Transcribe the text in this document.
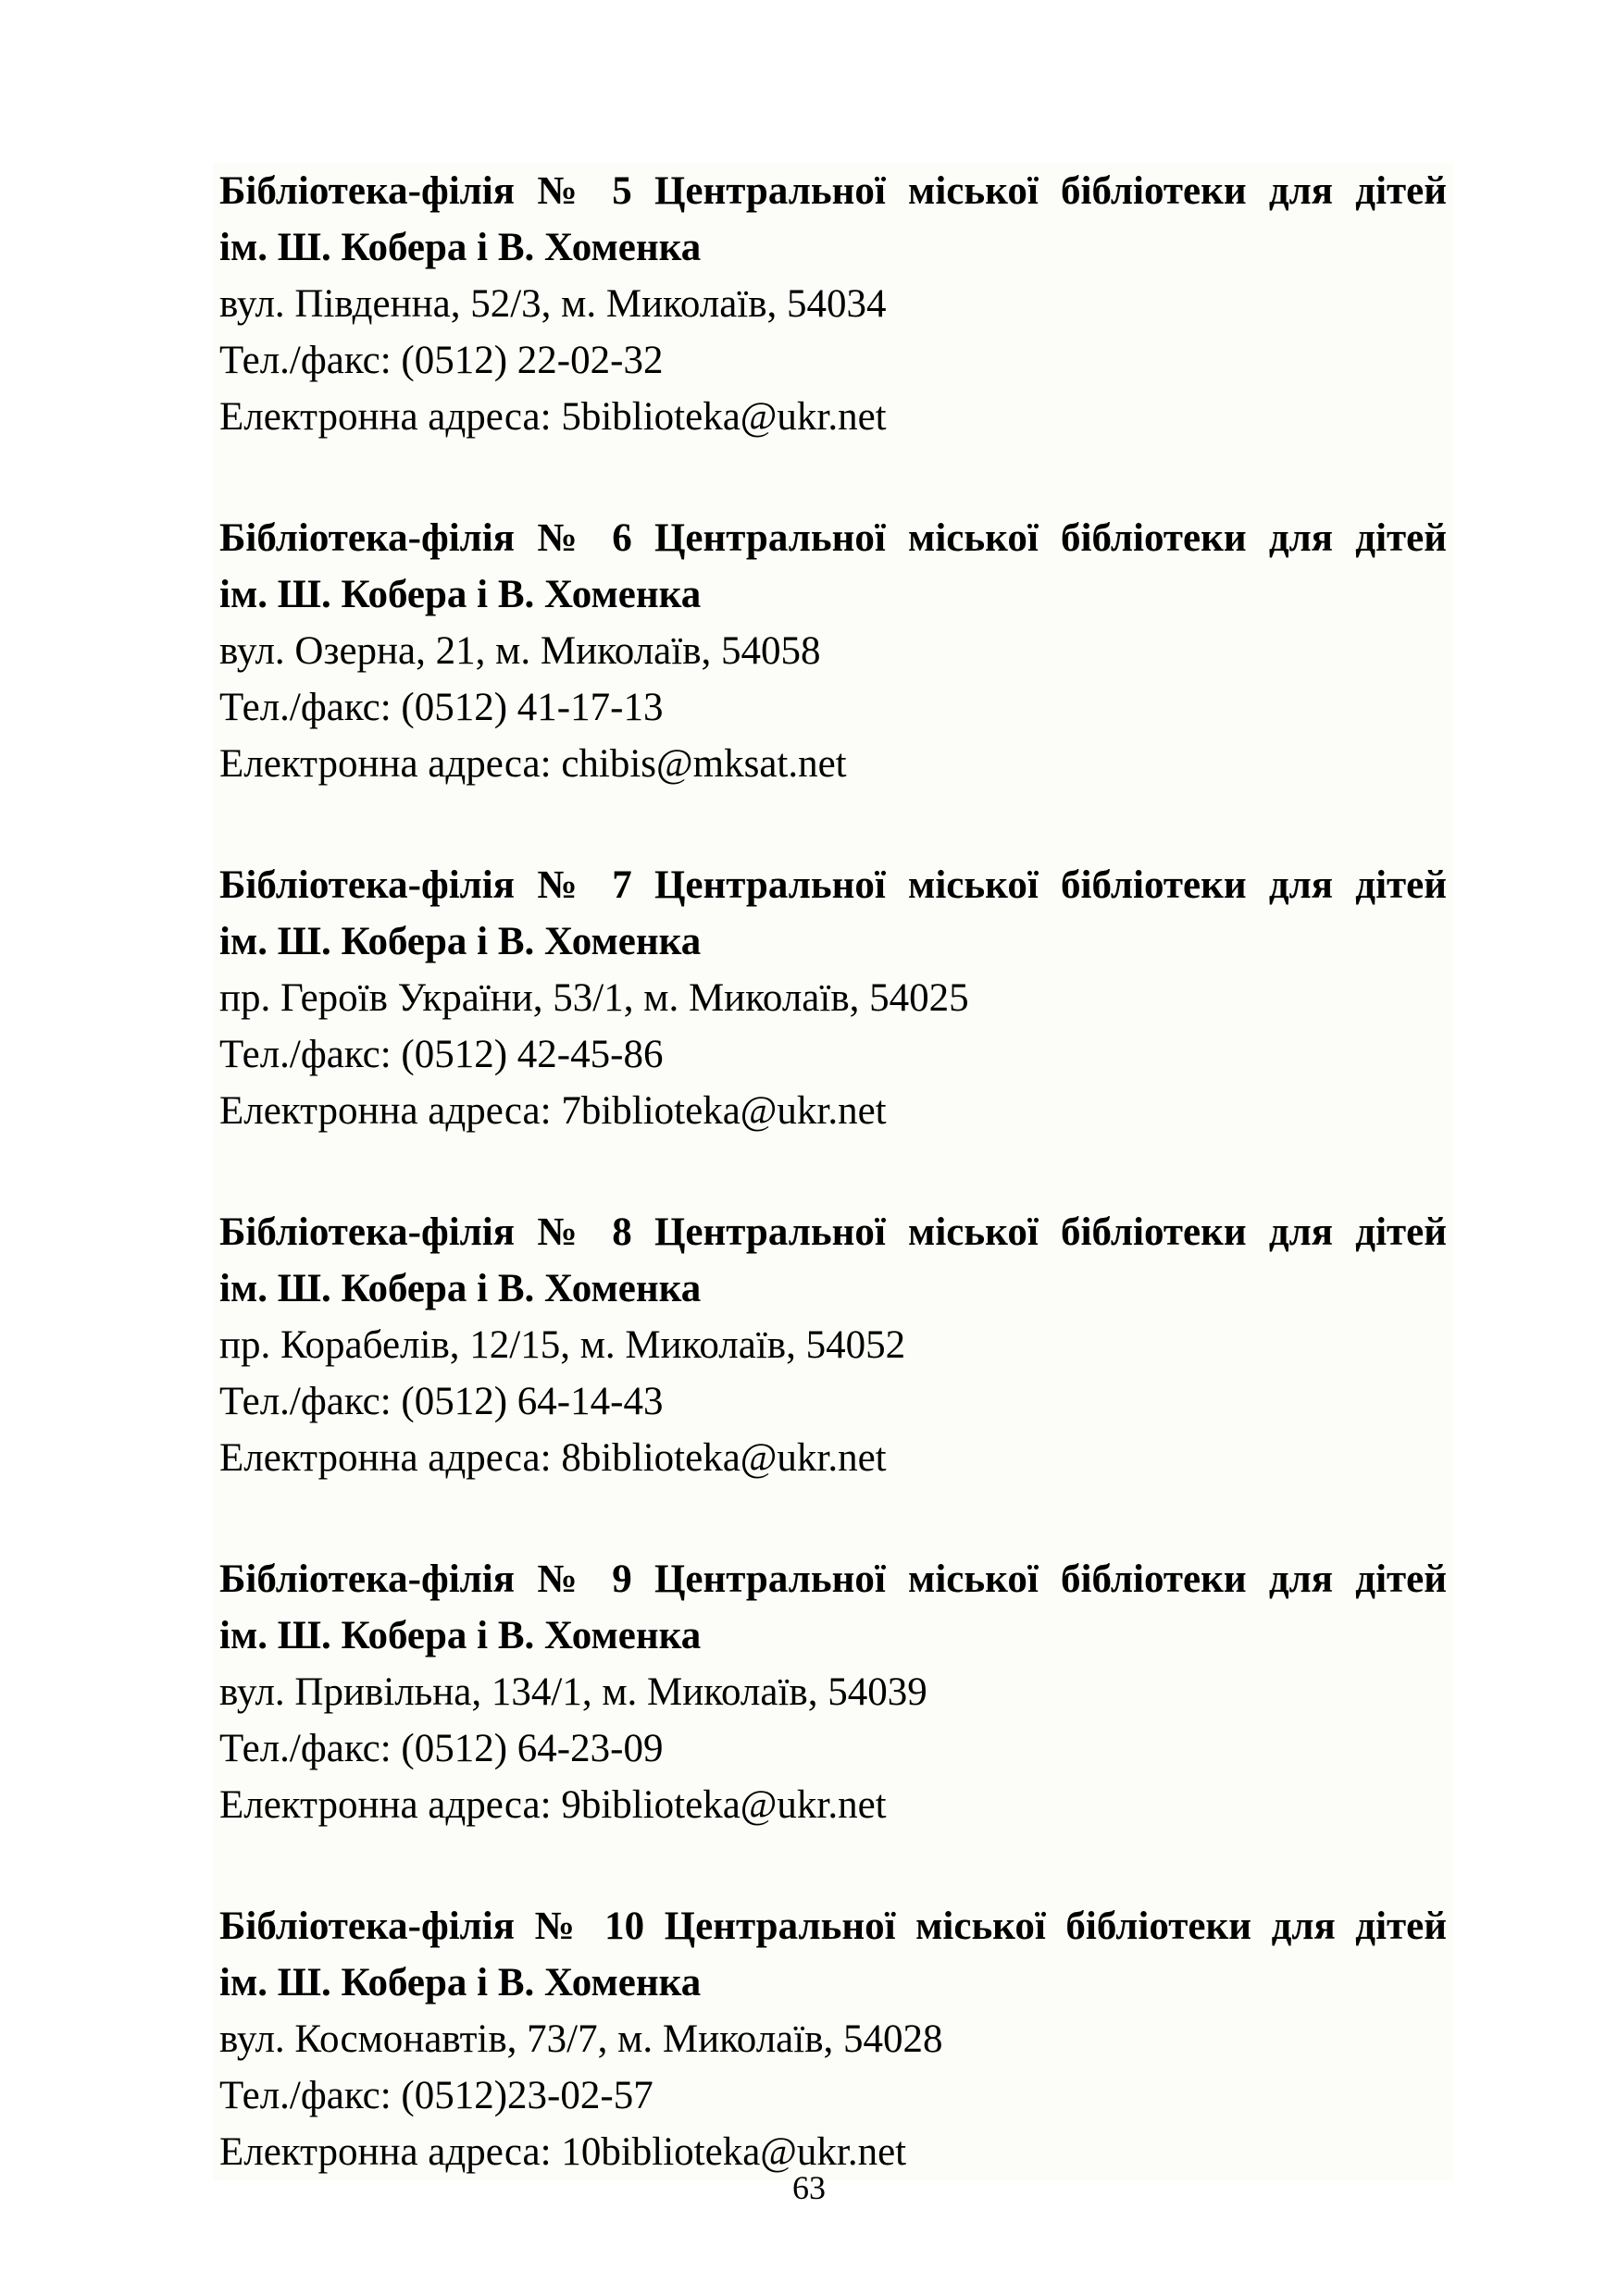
Бібліотека-філія № 5 Центральної міської бібліотеки для дітей
ім. Ш. Кобера і В. Хоменка
вул. Південна, 52/3, м. Миколаїв, 54034
Тел./факс: (0512) 22-02-32
Електронна адреса: 5biblioteka@ukr.net
Бібліотека-філія № 6 Центральної міської бібліотеки для дітей
ім. Ш. Кобера і В. Хоменка
вул. Озерна, 21, м. Миколаїв, 54058
Тел./факс: (0512) 41-17-13
Електронна адреса: chibis@mksat.net
Бібліотека-філія № 7 Центральної міської бібліотеки для дітей
ім. Ш. Кобера і В. Хоменка
пр. Героїв України, 53/1, м. Миколаїв, 54025
Тел./факс: (0512) 42-45-86
Електронна адреса: 7biblioteka@ukr.net
Бібліотека-філія № 8 Центральної міської бібліотеки для дітей
ім. Ш. Кобера і В. Хоменка
пр. Корабелів, 12/15, м. Миколаїв, 54052
Тел./факс: (0512) 64-14-43
Електронна адреса: 8biblioteka@ukr.net
Бібліотека-філія № 9 Центральної міської бібліотеки для дітей
ім. Ш. Кобера і В. Хоменка
вул. Привільна, 134/1, м. Миколаїв, 54039
Тел./факс: (0512) 64-23-09
Електронна адреса: 9biblioteka@ukr.net
Бібліотека-філія № 10 Центральної міської бібліотеки для дітей
ім. Ш. Кобера і В. Хоменка
вул. Космонавтів, 73/7, м. Миколаїв, 54028
Тел./факс: (0512)23-02-57
Електронна адреса: 10biblioteka@ukr.net
63
